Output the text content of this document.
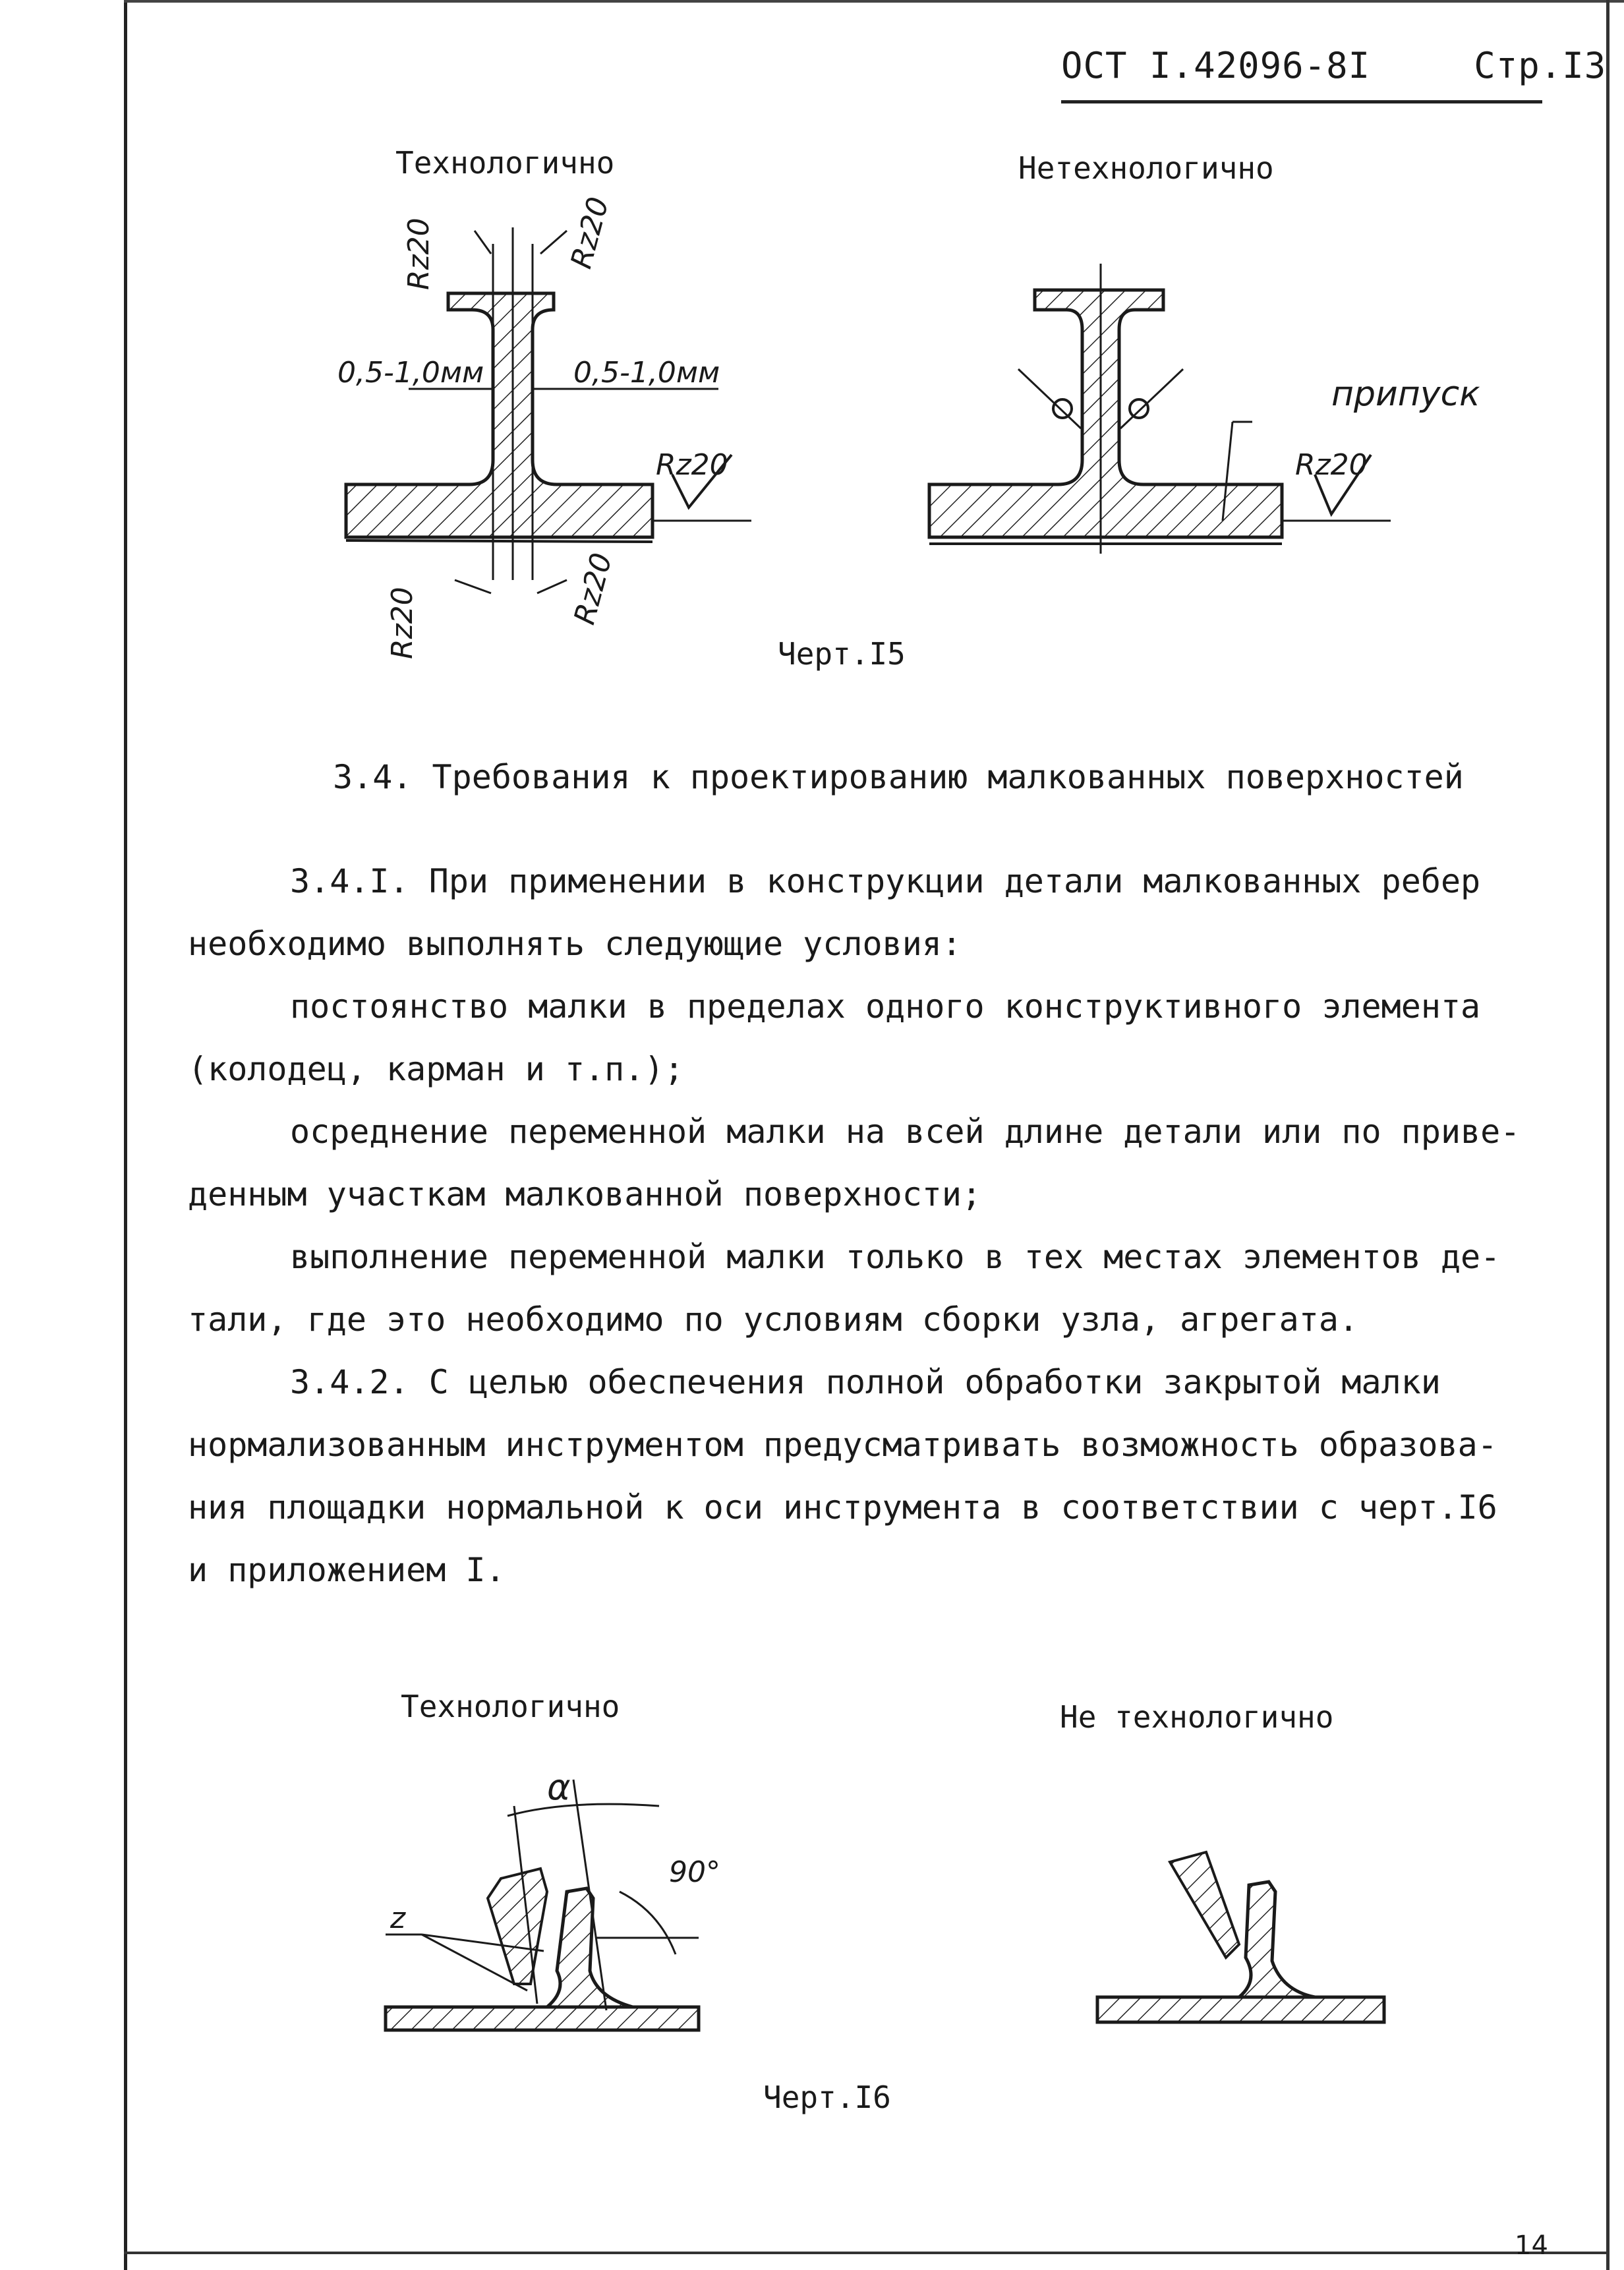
ОСТ I.42096-8I	Стр.I3
Технологично	Нетехнологично
Черт.I5
0,5-1,0мм	0,5-1,0мм
Rz20
Rz20	Rz20
Rz20	Rz20
припуск
Rz20
3.4. Требования к проектированию малкованных поверхностей

3.4.I. При применении в конструкции детали малкованных ребер

необходимо выполнять следующие условия:

постоянство малки в пределах одного конструктивного элемента

(колодец, карман и т.п.);

осреднение переменной малки на всей длине детали или по приве-

денным участкам малкованной поверхности;

выполнение переменной малки только в тех местах элементов де-

тали, где это необходимо по условиям сборки узла, агрегата.

3.4.2. С целью обеспечения полной обработки закрытой малки

нормализованным инструментом предусматривать возможность образова-

ния площадки нормальной к оси инструмента в соответствии с черт.I6

и приложением I.

Технологично	Не технологично
Черт.I6
α
90°
z
14
